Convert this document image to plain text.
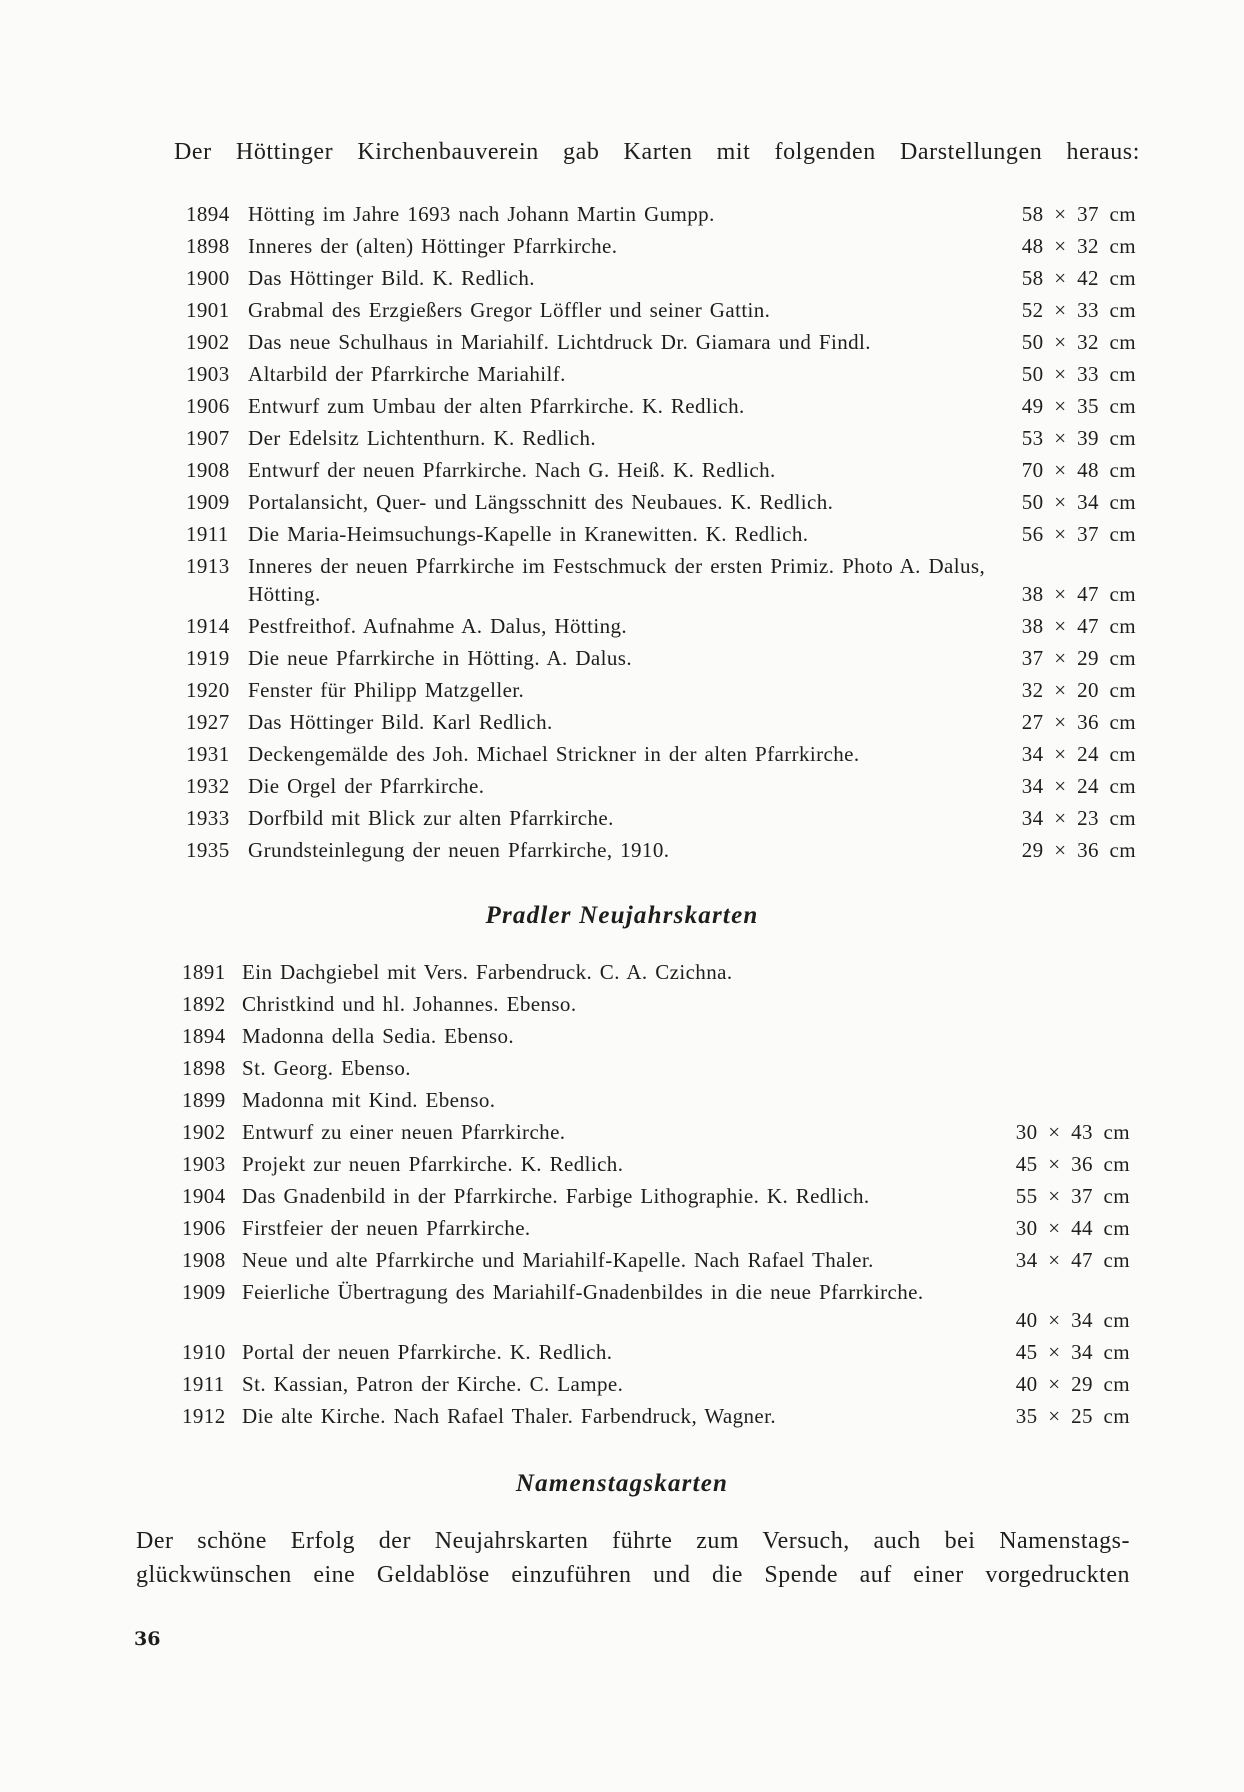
Der Höttinger Kirchenbauverein gab Karten mit folgenden Darstellungen heraus:

1894 Hötting im Jahre 1693 nach Johann Martin Gumpp.	58 × 37 cm
1898 Inneres der (alten) Höttinger Pfarrkirche.	48 × 32 cm
1900 Das Höttinger Bild. K. Redlich.	58 × 42 cm
1901 Grabmal des Erzgießers Gregor Löffler und seiner Gattin.	52 × 33 cm
1902 Das neue Schulhaus in Mariahilf. Lichtdruck Dr. Giamara und Findl.	50 × 32 cm
1903 Altarbild der Pfarrkirche Mariahilf.	50 × 33 cm
1906 Entwurf zum Umbau der alten Pfarrkirche. K. Redlich.	49 × 35 cm
1907 Der Edelsitz Lichtenthurn. K. Redlich.	53 × 39 cm
1908 Entwurf der neuen Pfarrkirche. Nach G. Heiß. K. Redlich.	70 × 48 cm
1909 Portalansicht, Quer- und Längsschnitt des Neubaues. K. Redlich.	50 × 34 cm
1911 Die Maria-Heimsuchungs-Kapelle in Kranewitten. K. Redlich.	56 × 37 cm
1913 Inneres der neuen Pfarrkirche im Festschmuck der ersten Primiz. Photo A. Dalus,
Hötting.	38 × 47 cm
1914 Pestfreithof. Aufnahme A. Dalus, Hötting.	38 × 47 cm
1919 Die neue Pfarrkirche in Hötting. A. Dalus.	37 × 29 cm
1920 Fenster für Philipp Matzgeller.	32 × 20 cm
1927 Das Höttinger Bild. Karl Redlich.	27 × 36 cm
1931 Deckengemälde des Joh. Michael Strickner in der alten Pfarrkirche.	34 × 24 cm
1932 Die Orgel der Pfarrkirche.	34 × 24 cm
1933 Dorfbild mit Blick zur alten Pfarrkirche.	34 × 23 cm
1935 Grundsteinlegung der neuen Pfarrkirche, 1910.	29 × 36 cm
Pradler Neujahrskarten
1891 Ein Dachgiebel mit Vers. Farbendruck. C. A. Czichna.
1892 Christkind und hl. Johannes. Ebenso.
1894 Madonna della Sedia. Ebenso.
1898 St. Georg. Ebenso.
1899 Madonna mit Kind. Ebenso.
1902 Entwurf zu einer neuen Pfarrkirche.	30 × 43 cm
1903 Projekt zur neuen Pfarrkirche. K. Redlich.	45 × 36 cm
1904 Das Gnadenbild in der Pfarrkirche. Farbige Lithographie. K. Redlich.	55 × 37 cm
1906 Firstfeier der neuen Pfarrkirche.	30 × 44 cm
1908 Neue und alte Pfarrkirche und Mariahilf-Kapelle. Nach Rafael Thaler.	34 × 47 cm
1909 Feierliche Übertragung des Mariahilf-Gnadenbildes in die neue Pfarrkirche.
40 × 34 cm
1910 Portal der neuen Pfarrkirche. K. Redlich.	45 × 34 cm
1911 St. Kassian, Patron der Kirche. C. Lampe.	40 × 29 cm
1912 Die alte Kirche. Nach Rafael Thaler. Farbendruck, Wagner.	35 × 25 cm
Namenstagskarten

Der schöne Erfolg der Neujahrskarten führte zum Versuch, auch bei Namenstags-
glückwünschen eine Geldablöse einzuführen und die Spende auf einer vorgedruckten

36
